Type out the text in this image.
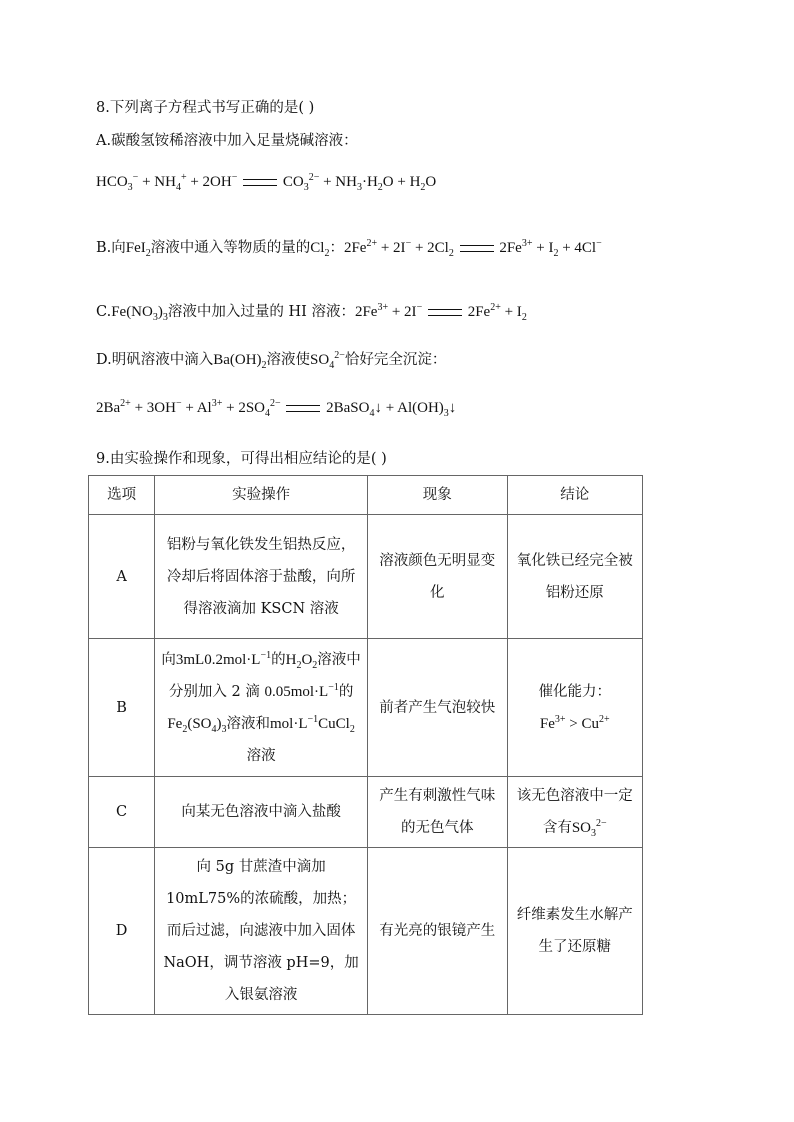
8.下列离子方程式书写正确的是( )
A.碳酸氢铵稀溶液中加入足量烧碱溶液：
$HCO_3^- + NH_4^+ + 2OH^-$	$CO_3^{2-} + NH_3\cdot H_2O + H_2O$
B.向FeI$_2$溶液中通入等物质的量的$Cl_2$：$2Fe^{2+} + 2I^- + 2Cl_2$	$2Fe^{3+} + I_2 + 4Cl^-$
$C.Fe(NO_3)_3$溶液中加入过量的 HI 溶液：$2Fe^{3+} + 2I^-$	$2Fe^{2+} + I_2$
D.明矾溶液中滴入$Ba(OH)_2$溶液使$SO_4^{2-}$恰好完全沉淀：
$2Ba^{2+} + 3OH^- + Al^{3+} + 2SO_4^{2-}$	2BaSO$_4$↓ + $Al(OH)_3↓$
9.由实验操作和现象，可得出相应结论的是( )
选项	实验操作	现象	结论
A	铝粉与氧化铁发生铝热反应，冷却后将固体溶于盐酸，向所得溶液滴加 KSCN 溶液	溶液颜色无明显变化	氧化铁已经完全被铝粉还原
B	向$3mL0.2mol\cdot L^{-1}$的$H_2O_2$溶液中分别加入 2 滴 $0.05mol\cdot L^{-1}$的$Fe_2(SO_4)_3$溶液和$mol\cdot L^{-1}CuCl_2$溶液	前者产生气泡较快	催化能力：
$Fe^{3+} > Cu^{2+}$
C	向某无色溶液中滴入盐酸	产生有刺激性气味的无色气体	该无色溶液中一定含有$SO_3^{2-}$
D	向 5g 甘蔗渣中滴加 10mL75%的浓硫酸，加热；而后过滤，向滤液中加入固体 NaOH，调节溶液 pH=9，加入银氨溶液	有光亮的银镜产生	纤维素发生水解产生了还原糖
